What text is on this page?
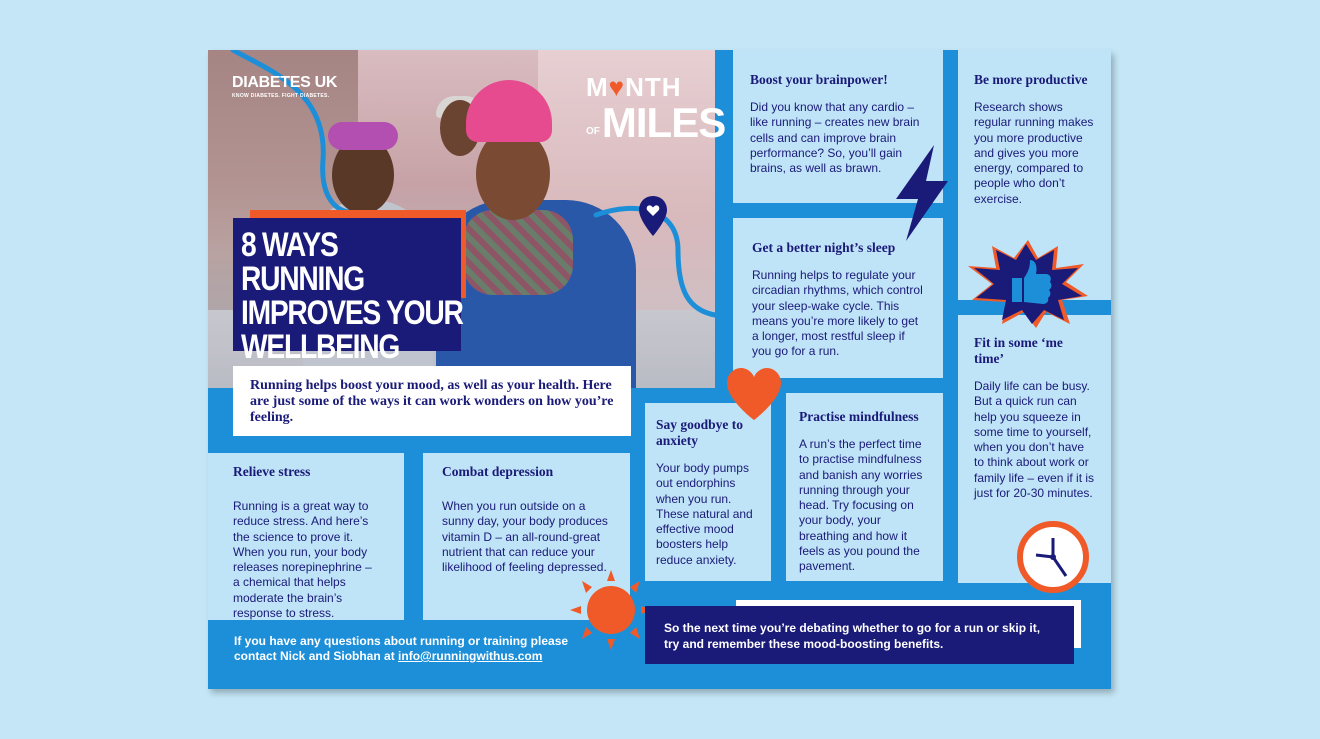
DIABETES UK
KNOW DIABETES. FIGHT DIABETES.	M♥NTH
OF MILES
8 WAYS RUNNING IMPROVES YOUR WELLBEING
Running helps boost your mood, as well as your health. Here are just some of the ways it can work wonders on how you’re feeling.
Boost your brainpower!
Did you know that any cardio – like running – creates new brain cells and can improve brain performance? So, you’ll gain brains, as well as brawn.
Be more productive
Research shows regular running makes you more productive and gives you more energy, compared to people who don’t exercise.
Get a better night’s sleep
Running helps to regulate your circadian rhythms, which control your sleep-wake cycle. This means you’re more likely to get a longer, most restful sleep if you go for a run.
Fit in some ‘me time’
Daily life can be busy. But a quick run can help you squeeze in some time to yourself, when you don’t have to think about work or family life – even if it is just for 20-30 minutes.
Say goodbye to anxiety
Your body pumps out endorphins when you run. These natural and effective mood boosters help reduce anxiety.
Practise mindfulness
A run’s the perfect time to practise mindfulness and banish any worries running through your head. Try focusing on your body, your breathing and how it feels as you pound the pavement.
Relieve stress
Running is a great way to reduce stress. And here’s the science to prove it. When you run, your body releases norepinephrine – a chemical that helps moderate the brain’s response to stress.
Combat depression
When you run outside on a sunny day, your body produces vitamin D – an all-round-great nutrient that can reduce your likelihood of feeling depressed.
If you have any questions about running or training please contact Nick and Siobhan at info@runningwithus.com
So the next time you’re debating whether to go for a run or skip it, try and remember these mood-boosting benefits.
